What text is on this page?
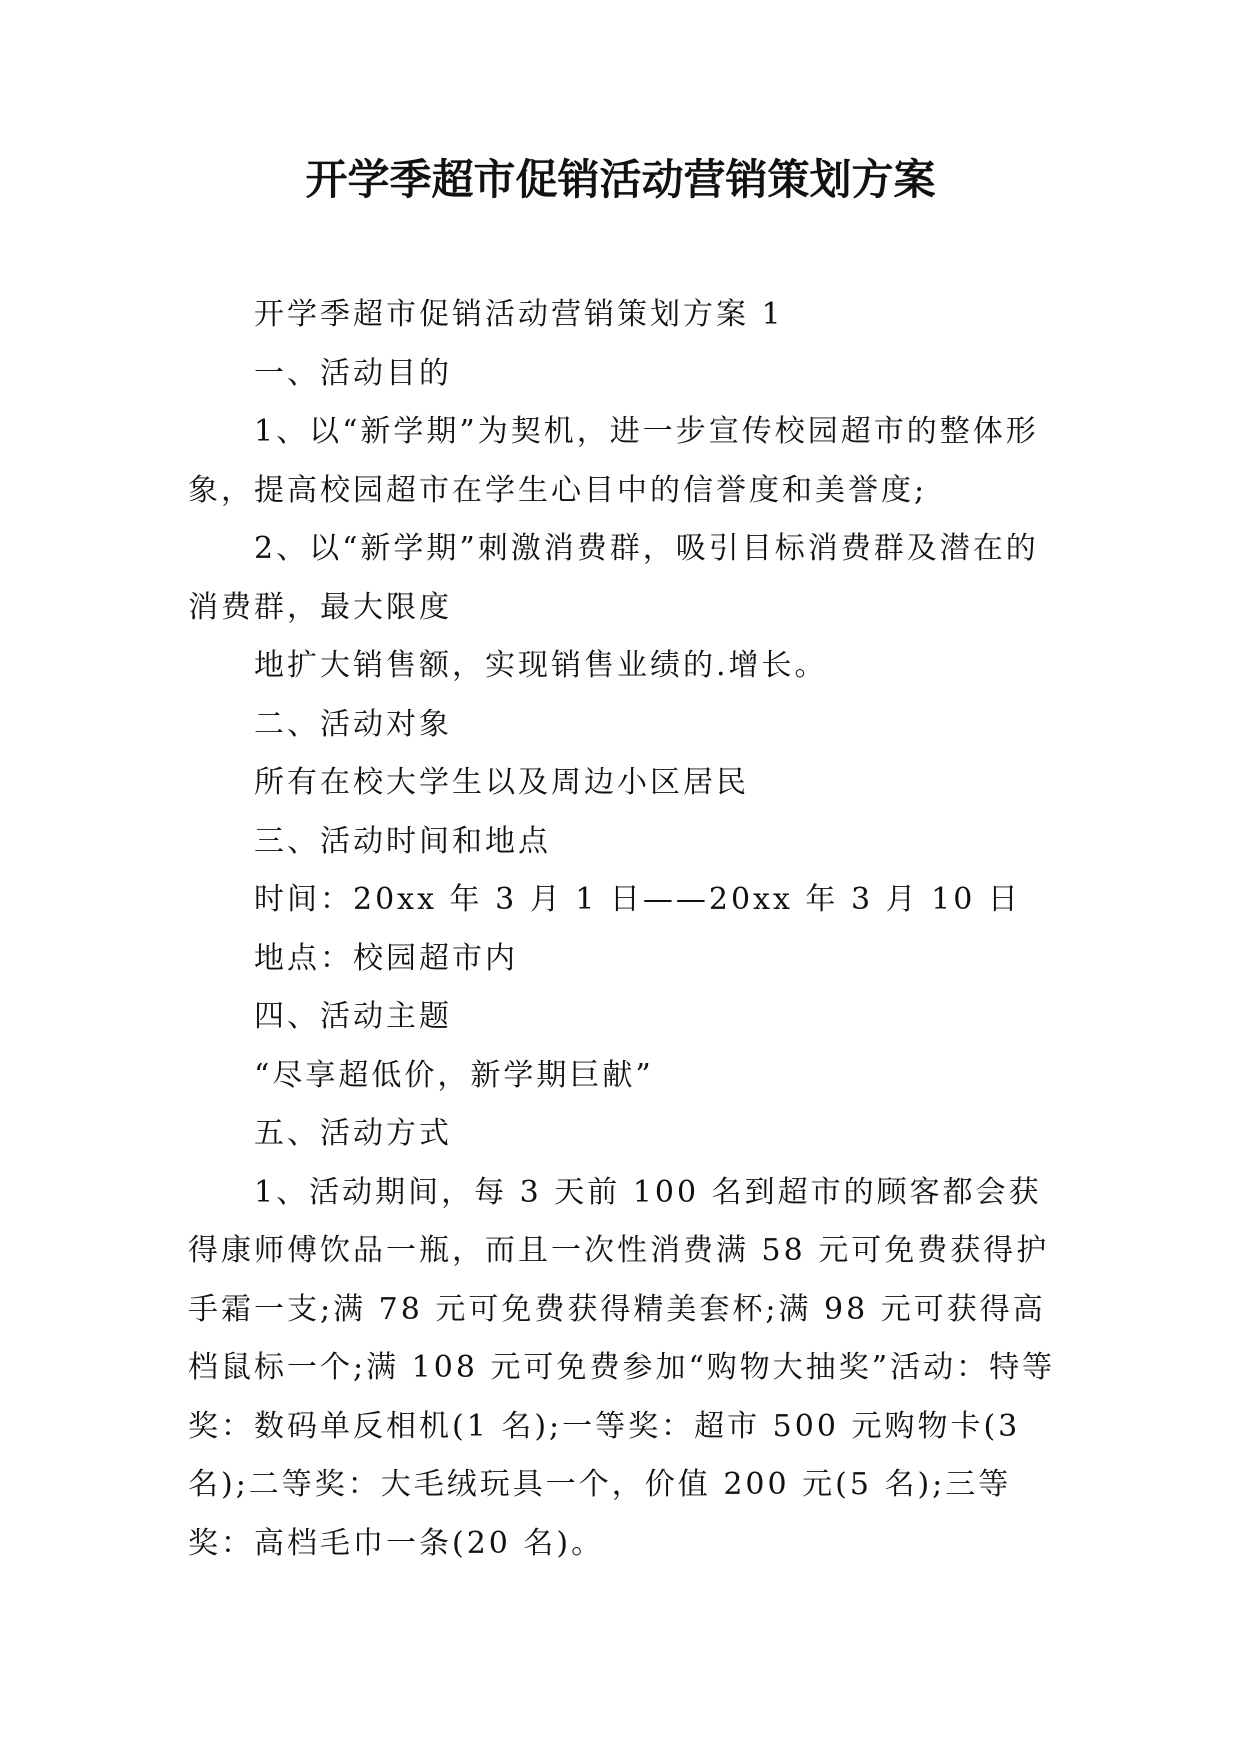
开学季超市促销活动营销策划方案

开学季超市促销活动营销策划方案 1

一、活动目的

1、以“新学期”为契机，进一步宣传校园超市的整体形象，提高校园超市在学生心目中的信誉度和美誉度;

2、以“新学期”刺激消费群，吸引目标消费群及潜在的消费群，最大限度

地扩大销售额，实现销售业绩的.增长。

二、活动对象

所有在校大学生以及周边小区居民

三、活动时间和地点

时间：20xx 年 3 月 1 日——20xx 年 3 月 10 日

地点：校园超市内

四、活动主题

“尽享超低价，新学期巨献”

五、活动方式

1、活动期间，每 3 天前 100 名到超市的顾客都会获得康师傅饮品一瓶，而且一次性消费满 58 元可免费获得护手霜一支;满 78 元可免费获得精美套杯;满 98 元可获得高档鼠标一个;满 108 元可免费参加“购物大抽奖”活动：特等奖：数码单反相机(1 名);一等奖：超市 500 元购物卡(3 名);二等奖：大毛绒玩具一个，价值 200 元(5 名);三等奖：高档毛巾一条(20 名)。
